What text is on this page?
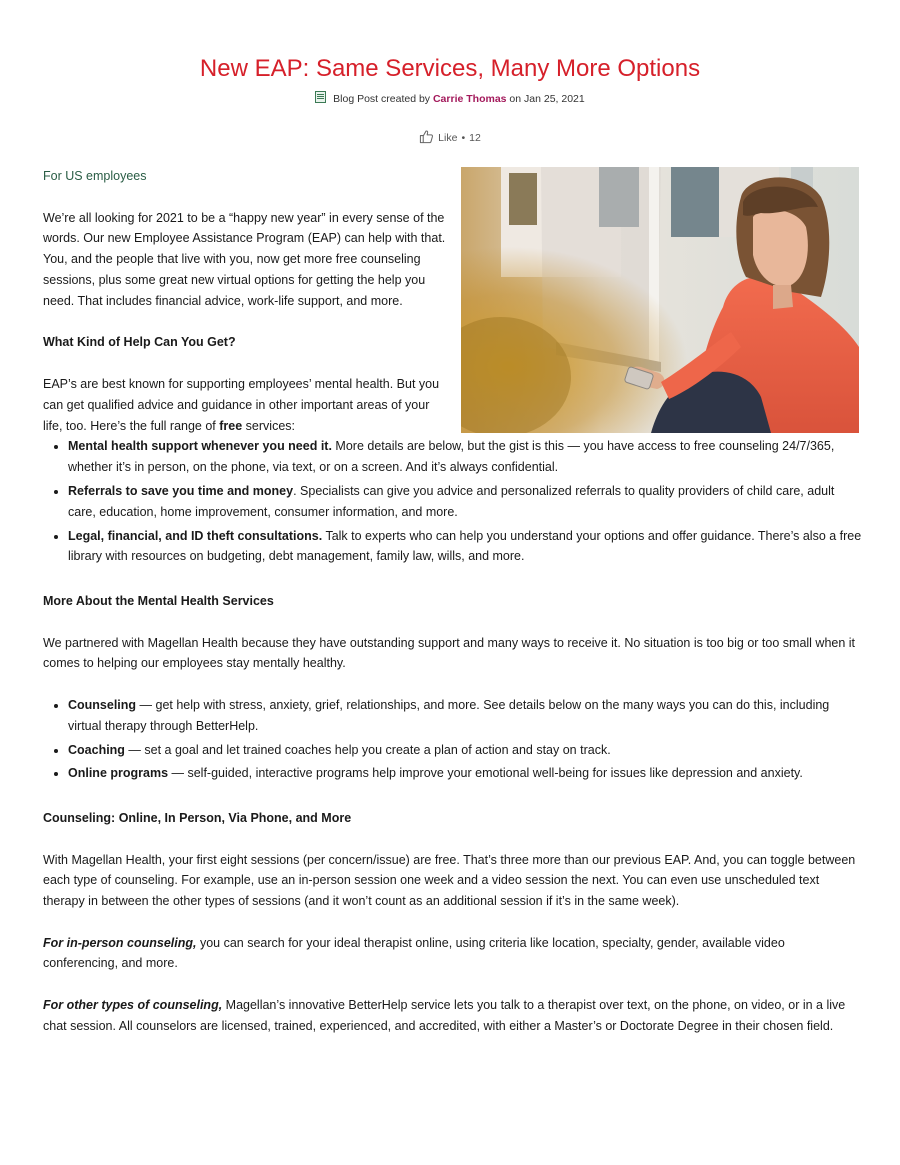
New EAP: Same Services, Many More Options
Blog Post created by Carrie Thomas on Jan 25, 2021
Like • 12

For US employees

We’re all looking for 2021 to be a “happy new year” in every sense of the words. Our new Employee Assistance Program (EAP) can help with that. You, and the people that live with you, now get more free counseling sessions, plus some great new virtual options for getting the help you need. That includes financial advice, work-life support, and more.

What Kind of Help Can You Get?

EAP’s are best known for supporting employees’ mental health. But you can get qualified advice and guidance in other important areas of your life, too. Here’s the full range of free services:

• Mental health support whenever you need it. More details are below, but the gist is this — you have access to free counseling 24/7/365, whether it’s in person, on the phone, via text, or on a screen. And it’s always confidential.
• Referrals to save you time and money. Specialists can give you advice and personalized referrals to quality providers of child care, adult care, education, home improvement, consumer information, and more.
• Legal, financial, and ID theft consultations. Talk to experts who can help you understand your options and offer guidance. There’s also a free library with resources on budgeting, debt management, family law, wills, and more.
More About the Mental Health Services

We partnered with Magellan Health because they have outstanding support and many ways to receive it. No situation is too big or too small when it comes to helping our employees stay mentally healthy.

• Counseling — get help with stress, anxiety, grief, relationships, and more. See details below on the many ways you can do this, including virtual therapy through BetterHelp.
• Coaching — set a goal and let trained coaches help you create a plan of action and stay on track.
• Online programs — self-guided, interactive programs help improve your emotional well-being for issues like depression and anxiety.
Counseling: Online, In Person, Via Phone, and More

With Magellan Health, your first eight sessions (per concern/issue) are free. That’s three more than our previous EAP. And, you can toggle between each type of counseling. For example, use an in-person session one week and a video session the next. You can even use unscheduled text therapy in between the other types of sessions (and it won’t count as an additional session if it’s in the same week).

For in-person counseling, you can search for your ideal therapist online, using criteria like location, specialty, gender, available video conferencing, and more.

For other types of counseling, Magellan’s innovative BetterHelp service lets you talk to a therapist over text, on the phone, on video, or in a live chat session. All counselors are licensed, trained, experienced, and accredited, with either a Master’s or Doctorate Degree in their chosen field.
